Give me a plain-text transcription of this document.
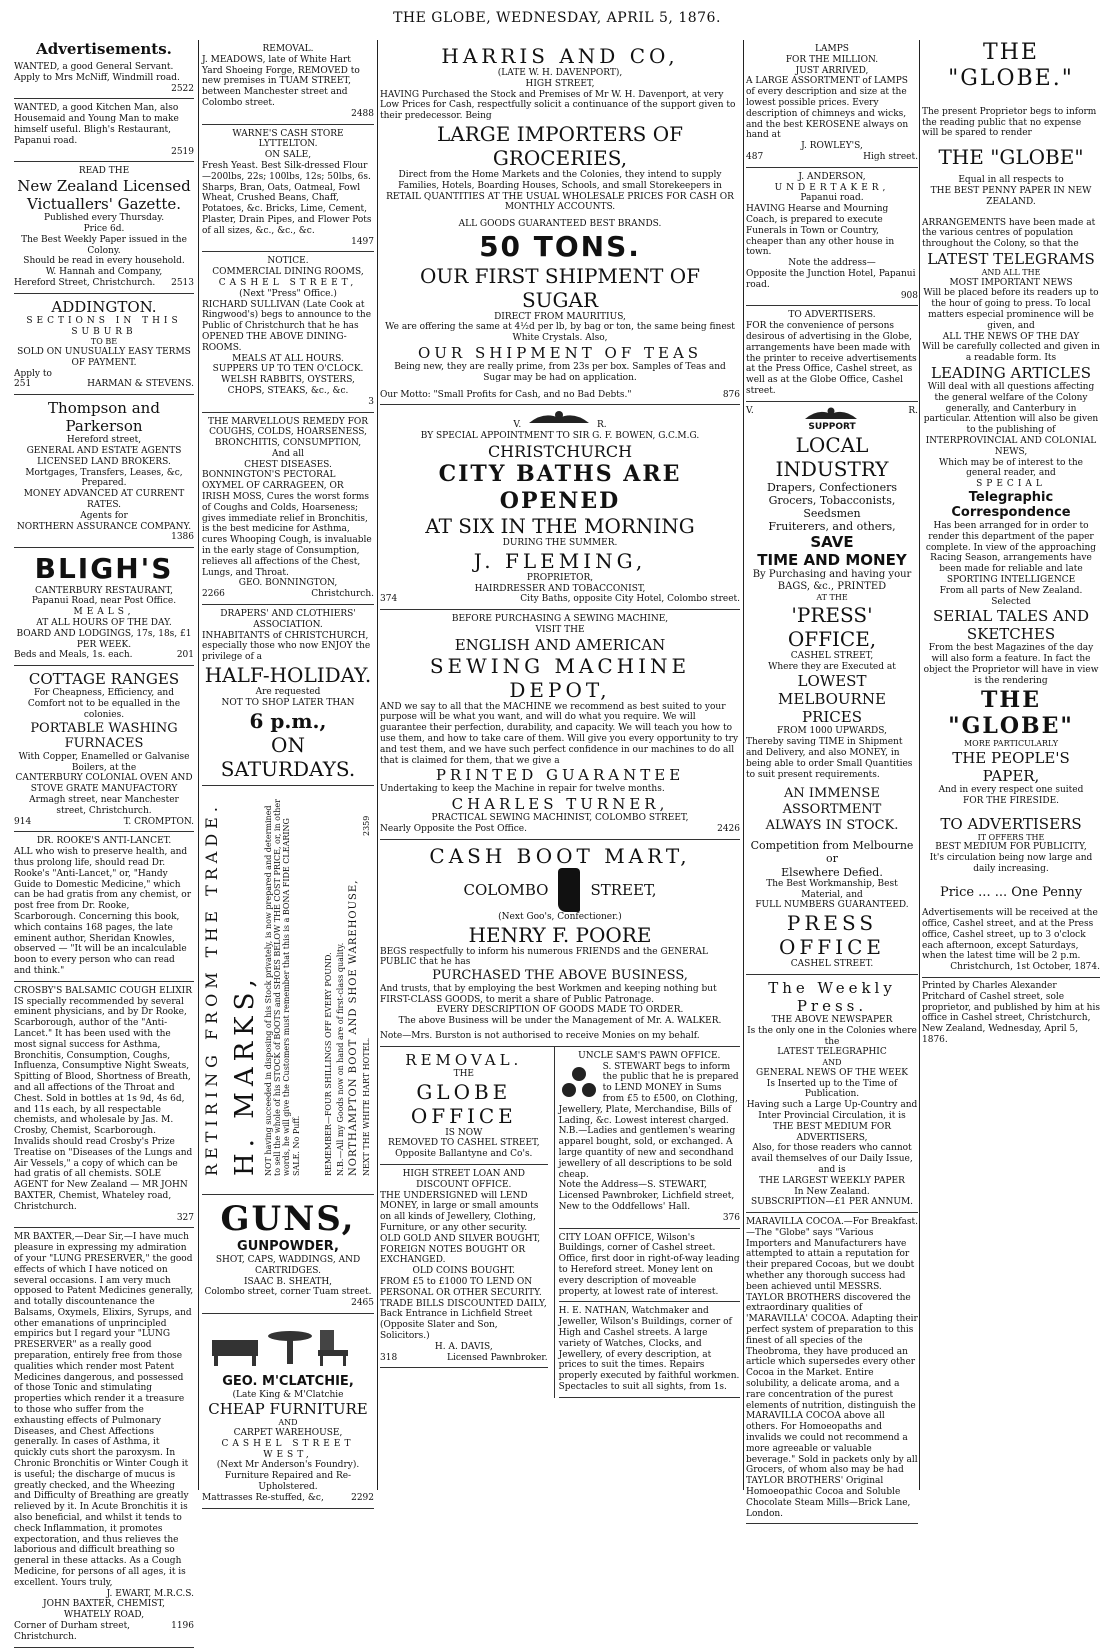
THE GLOBE, WEDNESDAY, APRIL 5, 1876.
Advertisements.
WANTED, a good General Servant. Apply to Mrs McNiff, Windmill road.
2522
WANTED, a good Kitchen Man, also Housemaid and Young Man to make himself useful. Bligh's Restaurant, Papanui road.
2519
READ THE
New Zealand Licensed
Victuallers' Gazette.
Published every Thursday.
Price 6d.
The Best Weekly Paper issued in the Colony.
Should be read in every household.
W. Hannah and Company,
Hereford Street, Christchurch. 2513
ADDINGTON.
SECTIONS IN THIS SUBURB
TO BE
SOLD ON UNUSUALLY EASY TERMS OF PAYMENT.
Apply to
251	HARMAN & STEVENS.
Thompson and Parkerson
Hereford street,
GENERAL AND ESTATE AGENTS
LICENSED LAND BROKERS.
Mortgages, Transfers, Leases, &c, Prepared.
MONEY ADVANCED AT CURRENT RATES.
Agents for
NORTHERN ASSURANCE COMPANY.
1386
BLIGH'S
CANTERBURY RESTAURANT,
Papanui Road, near Post Office.
MEALS,
AT ALL HOURS OF THE DAY.
BOARD AND LODGINGS, 17s, 18s, £1 PER WEEK.
Beds and Meals, 1s. each.	201
COTTAGE RANGES
For Cheapness, Efficiency, and Comfort not to be equalled in the colonies.
PORTABLE WASHING FURNACES
With Copper, Enamelled or Galvanise Boilers, at the
CANTERBURY COLONIAL OVEN AND STOVE GRATE MANUFACTORY
Armagh street, near Manchester street, Christchurch.
914	T. CROMPTON.
DR. ROOKE'S ANTI-LANCET.
ALL who wish to preserve health, and thus prolong life, should read Dr. Rooke's "Anti-Lancet," or, "Handy Guide to Domestic Medicine," which can be had gratis from any chemist, or post free from Dr. Rooke, Scarborough. Concerning this book, which contains 168 pages, the late eminent author, Sheridan Knowles, observed — "It will be an incalculable boon to every person who can read and think."
CROSBY'S BALSAMIC COUGH ELIXIR
IS specially recommended by several eminent physicians, and by Dr Rooke, Scarborough, author of the "Anti-Lancet." It has been used with the most signal success for Asthma, Bronchitis, Consumption, Coughs, Influenza, Consumptive Night Sweats, Spitting of Blood, Shortness of Breath, and all affections of the Throat and Chest. Sold in bottles at 1s 9d, 4s 6d, and 11s each, by all respectable chemists, and wholesale by Jas. M. Crosby, Chemist, Scarborough. Invalids should read Crosby's Prize Treatise on "Diseases of the Lungs and Air Vessels," a copy of which can be had gratis of all chemists. SOLE AGENT for New Zealand — MR JOHN BAXTER, Chemist, Whateley road, Christchurch.
327
MR BAXTER,—Dear Sir,—I have much pleasure in expressing my admiration of your "LUNG PRESERVER," the good effects of which I have noticed on several occasions. I am very much opposed to Patent Medicines generally, and totally discountenance the Balsams, Oxymels, Elixirs, Syrups, and other emanations of unprincipled empirics but I regard your "LUNG PRESERVER" as a really good preparation, entirely free from those qualities which render most Patent Medicines dangerous, and possessed of those Tonic and stimulating properties which render it a treasure to those who suffer from the exhausting effects of Pulmonary Diseases, and Chest Affections generally. In cases of Asthma, it quickly cuts short the paroxysm. In Chronic Bronchitis or Winter Cough it is useful; the discharge of mucus is greatly checked, and the Wheezing and Difficulty of Breathing are greatly relieved by it. In Acute Bronchitis it is also beneficial, and whilst it tends to check Inflammation, it promotes expectoration, and thus relieves the laborious and difficult breathing so general in these attacks. As a Cough Medicine, for persons of all ages, it is excellent. Yours truly,
J. EWART, M.R.C.S.
JOHN BAXTER, CHEMIST,
WHATELY ROAD,
Corner of Durham street, Christchurch.
1196
REMOVAL.
J. MEADOWS, late of White Hart Yard Shoeing Forge, REMOVED to new premises in TUAM STREET, between Manchester street and Colombo street.
2488
WARNE'S CASH STORE LYTTELTON.
ON SALE,
Fresh Yeast. Best Silk-dressed Flour—200lbs, 22s; 100lbs, 12s; 50lbs, 6s. Sharps, Bran, Oats, Oatmeal, Fowl Wheat, Crushed Beans, Chaff, Potatoes, &c. Bricks, Lime, Cement, Plaster, Drain Pipes, and Flower Pots of all sizes, &c., &c., &c.
1497
NOTICE.
COMMERCIAL DINING ROOMS,
CASHEL STREET,
(Next "Press" Office.)
RICHARD SULLIVAN (Late Cook at Ringwood's) begs to announce to the Public of Christchurch that he has
OPENED THE ABOVE DINING-ROOMS.
MEALS AT ALL HOURS.
SUPPERS UP TO TEN O'CLOCK.
WELSH RABBITS, OYSTERS, CHOPS, STEAKS, &c., &c.
3
THE MARVELLOUS REMEDY FOR COUGHS, COLDS, HOARSENESS, BRONCHITIS, CONSUMPTION,
And all
CHEST DISEASES.
BONNINGTON'S PECTORAL OXYMEL OF CARRAGEEN, OR IRISH MOSS, Cures the worst forms of Coughs and Colds, Hoarseness; gives immediate relief in Bronchitis, is the best medicine for Asthma, cures Whooping Cough, is invaluable in the early stage of Consumption, relieves all affections of the Chest, Lungs, and Throat.
GEO. BONNINGTON,
2266	Christchurch.
DRAPERS' AND CLOTHIERS' ASSOCIATION.
INHABITANTS of CHRISTCHURCH, especially those who now ENJOY the privilege of a
HALF-HOLIDAY.
Are requested
NOT TO SHOP LATER THAN
6 p.m.,
ON SATURDAYS.
RETIRING FROM THE TRADE. H. MARKS, NOT having succeeded in disposing of his Stock privately, is now prepared and determined to sell the whole of his STOCK of BOOTS and SHOES BELOW THE COST PRICE, or, in other words, he will give the Customers must remember that this is a BONA FIDE CLEARING SALE. No Puff.	REMEMBER—FOUR SHILLINGS OFF EVERY POUND. N.B.—All my Goods now on hand are of first-class quality. NORTHAMPTON BOOT AND SHOE WAREHOUSE, NEXT THE WHITE HART HOTEL.
2359
GUNS,
GUNPOWDER,
SHOT, CAPS, WADDINGS, AND CARTRIDGES.
ISAAC B. SHEATH,
Colombo street, corner Tuam street.
2465
GEO. M'CLATCHIE,
(Late King & M'Clatchie
CHEAP FURNITURE
AND
CARPET WAREHOUSE,
CASHEL STREET WEST,
(Next Mr Anderson's Foundry).
Furniture Repaired and Re-Upholstered.
Mattrasses Re-stuffed, &c,	2292
HARRIS AND CO,
(LATE W. H. DAVENPORT),
HIGH STREET,
HAVING Purchased the Stock and Premises of Mr W. H. Davenport, at very Low Prices for Cash, respectfully solicit a continuance of the support given to their predecessor. Being
LARGE IMPORTERS OF GROCERIES,
Direct from the Home Markets and the Colonies, they intend to supply Families, Hotels, Boarding Houses, Schools, and small Storekeepers in
RETAIL QUANTITIES AT THE USUAL WHOLESALE PRICES FOR CASH OR MONTHLY ACCOUNTS.
ALL GOODS GUARANTEED BEST BRANDS.
50 TONS.
OUR FIRST SHIPMENT OF SUGAR
DIRECT FROM MAURITIUS,
We are offering the same at 4½d per lb, by bag or ton, the same being finest White Crystals. Also,
OUR SHIPMENT OF TEAS
Being new, they are really prime, from 23s per box. Samples of Teas and Sugar may be had on application.
Our Motto: "Small Profits for Cash, and no Bad Debts."	876
V.	R.
BY SPECIAL APPOINTMENT TO SIR G. F. BOWEN, G.C.M.G.
CHRISTCHURCH
CITY BATHS ARE OPENED
AT SIX IN THE MORNING
DURING THE SUMMER.
J. FLEMING,
PROPRIETOR,
HAIRDRESSER AND TOBACCONIST,
374	City Baths, opposite City Hotel, Colombo street.
BEFORE PURCHASING A SEWING MACHINE,
VISIT THE
ENGLISH AND AMERICAN
SEWING MACHINE DEPOT,
AND we say to all that the MACHINE we recommend as best suited to your purpose will be what you want, and will do what you require. We will guarantee their perfection, durability, and capacity. We will teach you how to use them, and how to take care of them. Will give you every opportunity to try and test them, and we have such perfect confidence in our machines to do all that is claimed for them, that we give a
PRINTED GUARANTEE
Undertaking to keep the Machine in repair for twelve months.
CHARLES TURNER,
PRACTICAL SEWING MACHINIST, COLOMBO STREET,
Nearly Opposite the Post Office.	2426
CASH BOOT MART,
COLOMBO	STREET,
(Next Goo's, Confectioner.)
HENRY F. POORE
BEGS respectfully to inform his numerous FRIENDS and the GENERAL PUBLIC that he has
PURCHASED THE ABOVE BUSINESS,
And trusts, that by employing the best Workmen and keeping nothing but FIRST-CLASS GOODS, to merit a share of Public Patronage.
EVERY DESCRIPTION OF GOODS MADE TO ORDER.
The above Business will be under the Management of Mr. A. WALKER.
Note—Mrs. Burston is not authorised to receive Monies on my behalf.
REMOVAL.
THE
GLOBE OFFICE
IS NOW
REMOVED TO CASHEL STREET,
Opposite Ballantyne and Co's.
HIGH STREET LOAN AND DISCOUNT OFFICE.
THE UNDERSIGNED will LEND MONEY, in large or small amounts on all kinds of Jewellery, Clothing, Furniture, or any other security.
OLD GOLD AND SILVER BOUGHT, FOREIGN NOTES BOUGHT OR EXCHANGED.
OLD COINS BOUGHT.
FROM £5 to £1000 TO LEND ON PERSONAL OR OTHER SECURITY.
TRADE BILLS DISCOUNTED DAILY,
Back Entrance in Lichfield Street (Opposite Slater and Son, Solicitors.)
H. A. DAVIS,
318	Licensed Pawnbroker.
UNCLE SAM'S PAWN OFFICE.
S. STEWART begs to inform the public that he is prepared to LEND MONEY in Sums from £5 to £500, on Clothing, Jewellery, Plate, Merchandise, Bills of Lading, &c. Lowest interest charged.
N.B.—Ladies and gentlemen's wearing apparel bought, sold, or exchanged. A large quantity of new and secondhand jewellery of all descriptions to be sold cheap.
Note the Address—S. STEWART, Licensed Pawnbroker, Lichfield street, New to the Oddfellows' Hall.
376
CITY LOAN OFFICE, Wilson's Buildings, corner of Cashel street. Office, first door in right-of-way leading to Hereford street. Money lent on every description of moveable property, at lowest rate of interest.
H. E. NATHAN, Watchmaker and Jeweller, Wilson's Buildings, corner of High and Cashel streets. A large variety of Watches, Clocks, and Jewellery, of every description, at prices to suit the times. Repairs properly executed by faithful workmen. Spectacles to suit all sights, from 1s.
LAMPS
FOR THE MILLION.
JUST ARRIVED,
A LARGE ASSORTMENT of LAMPS of every description and size at the lowest possible prices. Every description of chimneys and wicks, and the best KEROSENE always on hand at
J. ROWLEY'S,
487	High street.
J. ANDERSON,
UNDERTAKER,
Papanui road.
HAVING Hearse and Mourning Coach, is prepared to execute Funerals in Town or Country, cheaper than any other house in town.
Note the address—
Opposite the Junction Hotel, Papanui road.
908
TO ADVERTISERS.
FOR the convenience of persons desirous of advertising in the Globe, arrangements have been made with the printer to receive advertisements at the Press Office, Cashel street, as well as at the Globe Office, Cashel street.
V.	R.
SUPPORT
LOCAL INDUSTRY
Drapers, Confectioners
Grocers, Tobacconists, Seedsmen
Fruiterers, and others,
SAVE
TIME AND MONEY
By Purchasing and having your
BAGS, &c., PRINTED
AT THE
'PRESS' OFFICE,
CASHEL STREET,
Where they are Executed at
LOWEST MELBOURNE PRICES
FROM 1000 UPWARDS,
Thereby saving TIME in Shipment and Delivery, and also MONEY, in being able to order Small Quantities to suit present requirements.
AN IMMENSE ASSORTMENT
ALWAYS IN STOCK.
Competition from Melbourne or
Elsewhere Defied.
The Best Workmanship, Best Material, and
FULL NUMBERS GUARANTEED.
PRESS OFFICE
CASHEL STREET.
The Weekly Press.
THE ABOVE NEWSPAPER
Is the only one in the Colonies where the
LATEST TELEGRAPHIC
AND
GENERAL NEWS OF THE WEEK
Is Inserted up to the Time of Publication.
Having such a Large Up-Country and Inter Provincial Circulation, it is
THE BEST MEDIUM FOR ADVERTISERS,
Also, for those readers who cannot avail themselves of our Daily Issue, and is
THE LARGEST WEEKLY PAPER
In New Zealand.
SUBSCRIPTION—£1 PER ANNUM.
MARAVILLA COCOA.—For Breakfast.—The "Globe" says "Various Importers and Manufacturers have attempted to attain a reputation for their prepared Cocoas, but we doubt whether any thorough success had been achieved until MESSRS. TAYLOR BROTHERS discovered the extraordinary qualities of 'MARAVILLA' COCOA. Adapting their perfect system of preparation to this finest of all species of the Theobroma, they have produced an article which supersedes every other Cocoa in the Market. Entire solubility, a delicate aroma, and a rare concentration of the purest elements of nutrition, distinguish the MARAVILLA COCOA above all others. For Homoeopaths and invalids we could not recommend a more agreeable or valuable beverage." Sold in packets only by all Grocers, of whom also may be had TAYLOR BROTHERS' Original Homoeopathic Cocoa and Soluble Chocolate Steam Mills—Brick Lane, London.
THE "GLOBE."
The present Proprietor begs to inform the reading public that no expense will be spared to render
THE "GLOBE"
Equal in all respects to
THE BEST PENNY PAPER IN NEW ZEALAND.
ARRANGEMENTS have been made at the various centres of population throughout the Colony, so that the
LATEST TELEGRAMS
AND ALL THE
MOST IMPORTANT NEWS
Will be placed before its readers up to the hour of going to press. To local matters especial prominence will be given, and
ALL THE NEWS OF THE DAY
Will be carefully collected and given in a readable form. Its
LEADING ARTICLES
Will deal with all questions affecting the general welfare of the Colony generally, and Canterbury in particular. Attention will also be given to the publishing of
INTERPROVINCIAL AND COLONIAL NEWS,
Which may be of interest to the general reader, and
SPECIAL
Telegraphic Correspondence
Has been arranged for in order to render this department of the paper complete. In view of the approaching Racing Season, arrangements have been made for reliable and late
SPORTING INTELLIGENCE
From all parts of New Zealand. Selected
SERIAL TALES AND SKETCHES
From the best Magazines of the day will also form a feature. In fact the object the Proprietor will have in view is the rendering
THE "GLOBE"
MORE PARTICULARLY
THE PEOPLE'S PAPER,
And in every respect one suited
FOR THE FIRESIDE.
TO ADVERTISERS
IT OFFERS THE
BEST MEDIUM FOR PUBLICITY,
It's circulation being now large and daily increasing.
Price ... ... One Penny
Advertisements will be received at the office, Cashel street, and at the Press office, Cashel street, up to 3 o'clock each afternoon, except Saturdays, when the latest time will be 2 p.m.
Christchurch, 1st October, 1874.
Printed by Charles Alexander Pritchard of Cashel street, sole proprietor, and published by him at his office in Cashel street, Christchurch, New Zealand, Wednesday, April 5, 1876.
